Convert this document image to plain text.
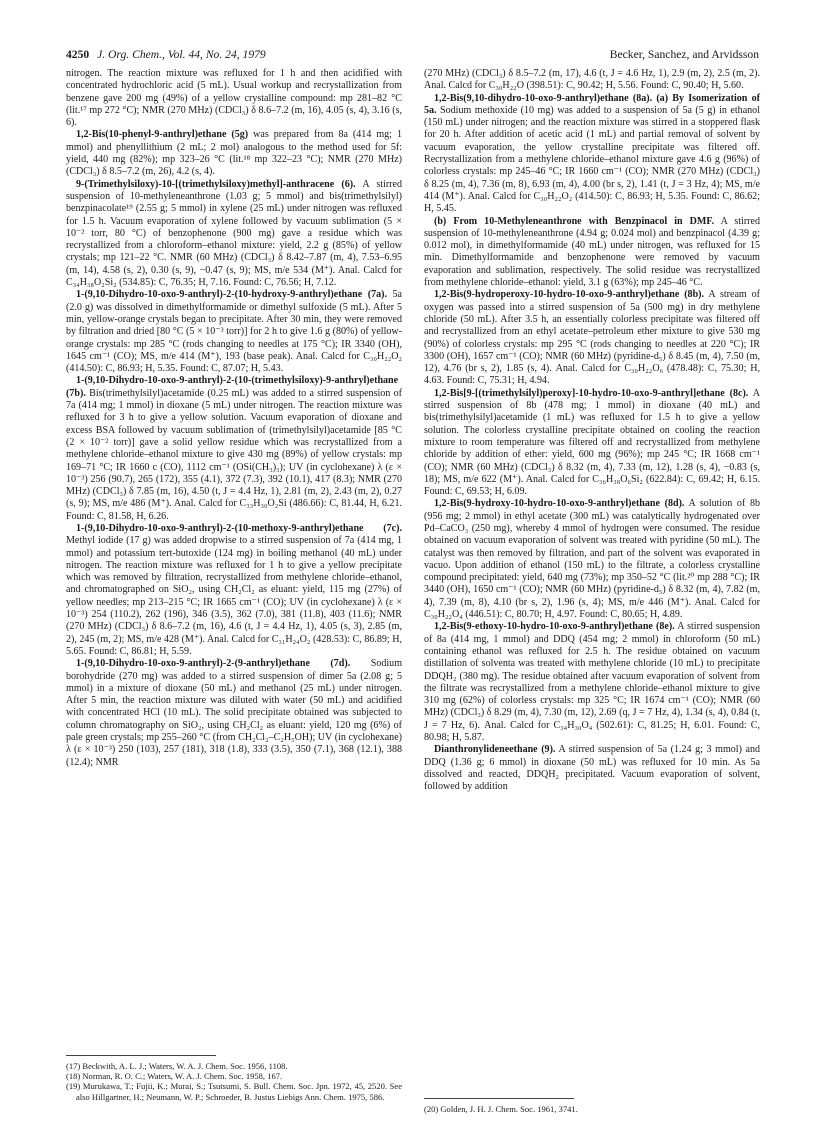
4250 J. Org. Chem., Vol. 44, No. 24, 1979	Becker, Sanchez, and Arvidsson

nitrogen. The reaction mixture was refluxed for 1 h and then acidified with concentrated hydrochloric acid (5 mL). Usual workup and recrystallization from benzene gave 200 mg (49%) of a yellow crystalline compound: mp 281–82 °C (lit.¹⁷ mp 272 °C); NMR (270 MHz) (CDCl₃) δ 8.6–7.2 (m, 16), 4.05 (s, 4), 3.16 (s, 6).

1,2-Bis(10-phenyl-9-anthryl)ethane (5g) was prepared from 8a (414 mg; 1 mmol) and phenyllithium (2 mL; 2 mol) analogous to the method used for 5f: yield, 440 mg (82%); mp 323–26 °C (lit.¹⁸ mp 322–23 °C); NMR (270 MHz) (CDCl₃) δ 8.5–7.2 (m, 26), 4.2 (s, 4).

9-(Trimethylsiloxy)-10-[(trimethylsiloxy)methyl]-anthracene (6). A stirred suspension of 10-methyleneanthrone (1.03 g; 5 mmol) and bis(trimethylsilyl) benzpinacolate¹⁹ (2.55 g; 5 mmol) in xylene (25 mL) under nitrogen was refluxed for 1.5 h. Vacuum evaporation of xylene followed by vacuum sublimation (5 × 10⁻² torr, 80 °C) of benzophenone (900 mg) gave a residue which was recrystallized from a chloroform–ethanol mixture: yield, 2.2 g (85%) of yellow crystals; mp 121–22 °C. NMR (60 MHz) (CDCl₃) δ 8.42–7.87 (m, 4), 7.53–6.95 (m, 14), 4.58 (s, 2), 0.30 (s, 9), −0.47 (s, 9); MS, m/e 534 (M⁺). Anal. Calcd for C₃₄H₃₈O₂Si₂ (534.85): C, 76.35; H, 7.16. Found: C, 76.56; H, 7.12.

1-(9,10-Dihydro-10-oxo-9-anthryl)-2-(10-hydroxy-9-anthryl)ethane (7a). 5a (2.0 g) was dissolved in dimethylformamide or dimethyl sulfoxide (5 mL). After 5 min, yellow-orange crystals began to precipitate. After 30 min, they were removed by filtration and dried [80 °C (5 × 10⁻³ torr)] for 2 h to give 1.6 g (80%) of yellow-orange crystals: mp 285 °C (rods changing to needles at 175 °C); IR 3340 (OH), 1645 cm⁻¹ (CO); MS, m/e 414 (M⁺), 193 (base peak). Anal. Calcd for C₃₀H₂₂O₂ (414.50): C, 86.93; H, 5.35. Found: C, 87.07; H, 5.43.

1-(9,10-Dihydro-10-oxo-9-anthryl)-2-(10-(trimethylsiloxy)-9-anthryl)ethane (7b). Bis(trimethylsilyl)acetamide (0.25 mL) was added to a stirred suspension of 7a (414 mg; 1 mmol) in dioxane (5 mL) under nitrogen. The reaction mixture was refluxed for 3 h to give a yellow solution. Vacuum evaporation of dioxane and excess BSA followed by vacuum sublimation of (trimethylsilyl)acetamide [85 °C (2 × 10⁻² torr)] gave a solid yellow residue which was recrystallized from a methylene chloride–ethanol mixture to give 430 mg (89%) of yellow crystals: mp 169–71 °C; IR 1660 c (CO), 1112 cm⁻¹ (OSi(CH₃)₃); UV (in cyclohexane) λ (ε × 10⁻³) 256 (90.7), 265 (172), 355 (4.1), 372 (7.3), 392 (10.1), 417 (8.3); NMR (270 MHz) (CDCl₃) δ 7.85 (m, 16), 4.50 (t, J = 4.4 Hz, 1), 2.81 (m, 2), 2.43 (m, 2), 0.27 (s, 9); MS, m/e 486 (M⁺). Anal. Calcd for C₃₃H₃₀O₂Si (486.66): C, 81.44, H, 6.21. Found: C, 81.58, H, 6.26.

1-(9,10-Dihydro-10-oxo-9-anthryl)-2-(10-methoxy-9-anthryl)ethane (7c). Methyl iodide (17 g) was added dropwise to a stirred suspension of 7a (414 mg, 1 mmol) and potassium tert-butoxide (124 mg) in boiling methanol (40 mL) under nitrogen. The reaction mixture was refluxed for 1 h to give a yellow precipitate which was removed by filtration, recrystallized from methylene chloride–ethanol, and chromatographed on SiO₂, using CH₂Cl₂ as eluant: yield, 115 mg (27%) of yellow needles; mp 213–215 °C; IR 1665 cm⁻¹ (CO); UV (in cyclohexane) λ (ε × 10⁻³) 254 (110.2), 262 (196), 346 (3.5), 362 (7.0), 381 (11.8), 403 (11.6); NMR (270 MHz) (CDCl₃) δ 8.6–7.2 (m, 16), 4.6 (t, J = 4.4 Hz, 1), 4.05 (s, 3), 2.85 (m, 2), 245 (m, 2); MS, m/e 428 (M⁺). Anal. Calcd for C₃₁H₂₄O₂ (428.53): C, 86.89; H, 5.65. Found: C, 86.81; H, 5.59.

1-(9,10-Dihydro-10-oxo-9-anthryl)-2-(9-anthryl)ethane (7d). Sodium borohydride (270 mg) was added to a stirred suspension of dimer 5a (2.08 g; 5 mmol) in a mixture of dioxane (50 mL) and methanol (25 mL) under nitrogen. After 5 min, the reaction mixture was diluted with water (50 mL) and acidified with concentrated HCl (10 mL). The solid precipitate obtained was subjected to column chromatography on SiO₂, using CH₂Cl₂ as eluant: yield, 120 mg (6%) of pale green crystals; mp 255–260 °C (from CH₂Cl₂–C₂H₅OH); UV (in cyclohexane) λ (ε × 10⁻³) 250 (103), 257 (181), 318 (1.8), 333 (3.5), 350 (7.1), 368 (12.1), 388 (12.4); NMR

(270 MHz) (CDCl₃) δ 8.5–7.2 (m, 17), 4.6 (t, J = 4.6 Hz, 1), 2.9 (m, 2), 2.5 (m, 2). Anal. Calcd for C₃₀H₂₂O (398.51): C, 90.42; H, 5.56. Found: C, 90.40; H, 5.60.

1,2-Bis(9,10-dihydro-10-oxo-9-anthryl)ethane (8a). (a) By Isomerization of 5a. Sodium methoxide (10 mg) was added to a suspension of 5a (5 g) in ethanol (150 mL) under nitrogen; and the reaction mixture was stirred in a stoppered flask for 20 h. After addition of acetic acid (1 mL) and partial removal of solvent by vacuum evaporation, the yellow crystalline precipitate was filtered off. Recrystallization from a methylene chloride–ethanol mixture gave 4.6 g (96%) of colorless crystals: mp 245–46 °C; IR 1660 cm⁻¹ (CO); NMR (270 MHz) (CDCl₃) δ 8.25 (m, 4), 7.36 (m, 8), 6.93 (m, 4), 4.00 (br s, 2), 1.41 (t, J = 3 Hz, 4); MS, m/e 414 (M⁺). Anal. Calcd for C₃₀H₂₂O₂ (414.50): C, 86.93; H, 5.35. Found: C, 86.62; H, 5.45.

(b) From 10-Methyleneanthrone with Benzpinacol in DMF. A stirred suspension of 10-methyleneanthrone (4.94 g; 0.024 mol) and benzpinacol (4.39 g; 0.012 mol), in dimethylformamide (40 mL) under nitrogen, was refluxed for 15 min. Dimethylformamide and benzophenone were removed by vacuum evaporation and sublimation, respectively. The solid residue was recrystallized from methylene chloride–ethanol: yield, 3.1 g (63%); mp 245–46 °C.

1,2-Bis(9-hydroperoxy-10-hydro-10-oxo-9-anthryl)ethane (8b). A stream of oxygen was passed into a stirred suspension of 5a (500 mg) in dry methylene chloride (50 mL). After 3.5 h, an essentially colorless precipitate was filtered off and recrystallized from an ethyl acetate–petroleum ether mixture to give 530 mg (90%) of colorless crystals: mp 295 °C (rods changing to needles at 220 °C); IR 3300 (OH), 1657 cm⁻¹ (CO); NMR (60 MHz) (pyridine-d₅) δ 8.45 (m, 4), 7.50 (m, 12), 4.76 (br s, 2), 1.85 (s, 4). Anal. Calcd for C₃₀H₂₂O₆ (478.48): C, 75.30; H, 4.63. Found: C, 75.31; H, 4.94.

1,2-Bis[9-[(trimethylsilyl)peroxy]-10-hydro-10-oxo-9-anthryl]ethane (8c). A stirred suspension of 8b (478 mg; 1 mmol) in dioxane (40 mL) and bis(trimethylsilyl)acetamide (1 mL) was refluxed for 1.5 h to give a yellow solution. The colorless crystalline precipitate obtained on cooling the reaction mixture to room temperature was filtered off and recrystallized from methylene chloride by addition of ether: yield, 600 mg (96%); mp 245 °C; IR 1668 cm⁻¹ (CO); NMR (60 MHz) (CDCl₃) δ 8.32 (m, 4), 7.33 (m, 12), 1.28 (s, 4), −0.83 (s, 18); MS, m/e 622 (M⁺). Anal. Calcd for C₃₆H₃₈O₆Si₂ (622.84): C, 69.42; H, 6.15. Found: C, 69.53; H, 6.09.

1,2-Bis(9-hydroxy-10-hydro-10-oxo-9-anthryl)ethane (8d). A solution of 8b (956 mg; 2 mmol) in ethyl acetate (300 mL) was catalytically hydrogenated over Pd–CaCO₃ (250 mg), whereby 4 mmol of hydrogen were consumed. The residue obtained on vacuum evaporation of solvent was treated with pyridine (50 mL). The catalyst was then removed by filtration, and part of the solvent was evaporated in vacuo. Upon addition of ethanol (150 mL) to the filtrate, a colorless crystalline compound precipitated: yield, 640 mg (73%); mp 350–52 °C (lit.²⁰ mp 288 °C); IR 3440 (OH), 1650 cm⁻¹ (CO); NMR (60 MHz) (pyridine-d₅) δ 8.32 (m, 4), 7.82 (m, 4), 7.39 (m, 8), 4.10 (br s, 2), 1.96 (s, 4); MS, m/e 446 (M⁺). Anal. Calcd for C₃₀H₂₂O₄ (446.51): C, 80.70; H, 4.97. Found: C, 80.65; H, 4.89.

1,2-Bis(9-ethoxy-10-hydro-10-oxo-9-anthryl)ethane (8e). A stirred suspension of 8a (414 mg, 1 mmol) and DDQ (454 mg; 2 mmol) in chloroform (50 mL) containing ethanol was refluxed for 2.5 h. The residue obtained on vacuum distillation of solventa was treated with methylene chloride (10 mL) to precipitate DDQH₂ (380 mg). The residue obtained after vacuum evaporation of solvent from the filtrate was recrystallized from a methylene chloride–ethanol mixture to give 310 mg (62%) of colorless crystals: mp 325 °C; IR 1674 cm⁻¹ (CO); NMR (60 MHz) (CDCl₃) δ 8.29 (m, 4), 7.30 (m, 12), 2.69 (q, J = 7 Hz, 4), 1.34 (s, 4), 0.84 (t, J = 7 Hz, 6). Anal. Calcd for C₃₄H₃₀O₄ (502.61): C, 81.25; H, 6.01. Found: C, 80.98; H, 5.87.

Dianthronylideneethane (9). A stirred suspension of 5a (1.24 g; 3 mmol) and DDQ (1.36 g; 6 mmol) in dioxane (50 mL) was refluxed for 10 min. As 5a dissolved and reacted, DDQH₂ precipitated. Vacuum evaporation of solvent, followed by addition

(17) Beckwith, A. L. J.; Waters, W. A. J. Chem. Soc. 1956, 1108.
(18) Norman, R. O. C.; Waters, W. A. J. Chem. Soc. 1958, 167.
(19) Murukawa, T.; Fujii, K.; Murai, S.; Tsutsumi, S. Bull. Chem. Soc. Jpn. 1972, 45, 2520. See also Hillgartner, H.; Neumann, W. P.; Schroeder, B. Justus Liebigs Ann. Chem. 1975, 586.
(20) Golden, J. H. J. Chem. Soc. 1961, 3741.
